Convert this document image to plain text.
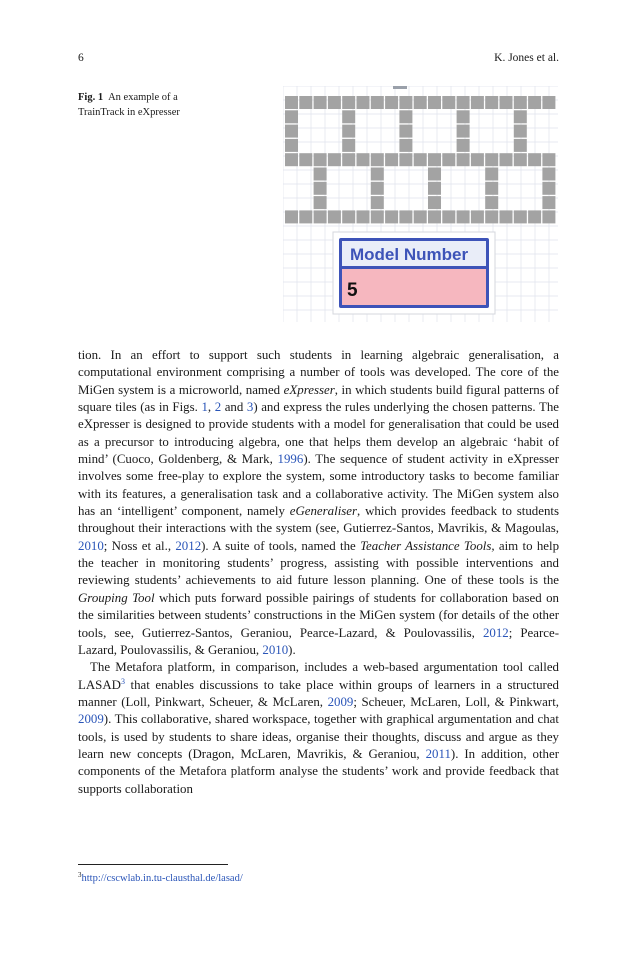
6	K. Jones et al.
Fig. 1 An example of a TrainTrack in eXpresser
Model Number
5

tion. In an effort to support such students in learning algebraic generalisation, a computational environment comprising a number of tools was developed. The core of the MiGen system is a microworld, named eXpresser, in which students build figural patterns of square tiles (as in Figs. 1, 2 and 3) and express the rules underlying the chosen patterns. The eXpresser is designed to provide students with a model for generalisation that could be used as a precursor to introducing algebra, one that helps them develop an algebraic ‘habit of mind’ (Cuoco, Goldenberg, & Mark, 1996). The sequence of student activity in eXpresser involves some free-play to explore the system, some introductory tasks to become familiar with its features, a generalisation task and a collaborative activity. The MiGen system also has an ‘intelligent’ component, namely eGeneraliser, which provides feedback to students throughout their interactions with the system (see, Gutierrez-Santos, Mavrikis, & Magoulas, 2010; Noss et al., 2012). A suite of tools, named the Teacher Assistance Tools, aim to help the teacher in monitoring students’ progress, assisting with possible interventions and reviewing students’ achievements to aid future lesson planning. One of these tools is the Grouping Tool which puts forward possible pairings of students for collaboration based on the similarities between students’ constructions in the MiGen system (for details of the other tools, see, Gutierrez-Santos, Geraniou, Pearce-Lazard, & Poulovassilis, 2012; Pearce-Lazard, Poulovassilis, & Geraniou, 2010).

The Metafora platform, in comparison, includes a web-based argumentation tool called LASAD$^3$ that enables discussions to take place within groups of learners in a structured manner (Loll, Pinkwart, Scheuer, & McLaren, 2009; Scheuer, McLaren, Loll, & Pinkwart, 2009). This collaborative, shared workspace, together with graphical argumentation and chat tools, is used by students to share ideas, organise their thoughts, discuss and argue as they learn new concepts (Dragon, McLaren, Mavrikis, & Geraniou, 2011). In addition, other components of the Metafora platform analyse the students’ work and provide feedback that supports collaboration

$^3$http://cscwlab.in.tu-clausthal.de/lasad/
